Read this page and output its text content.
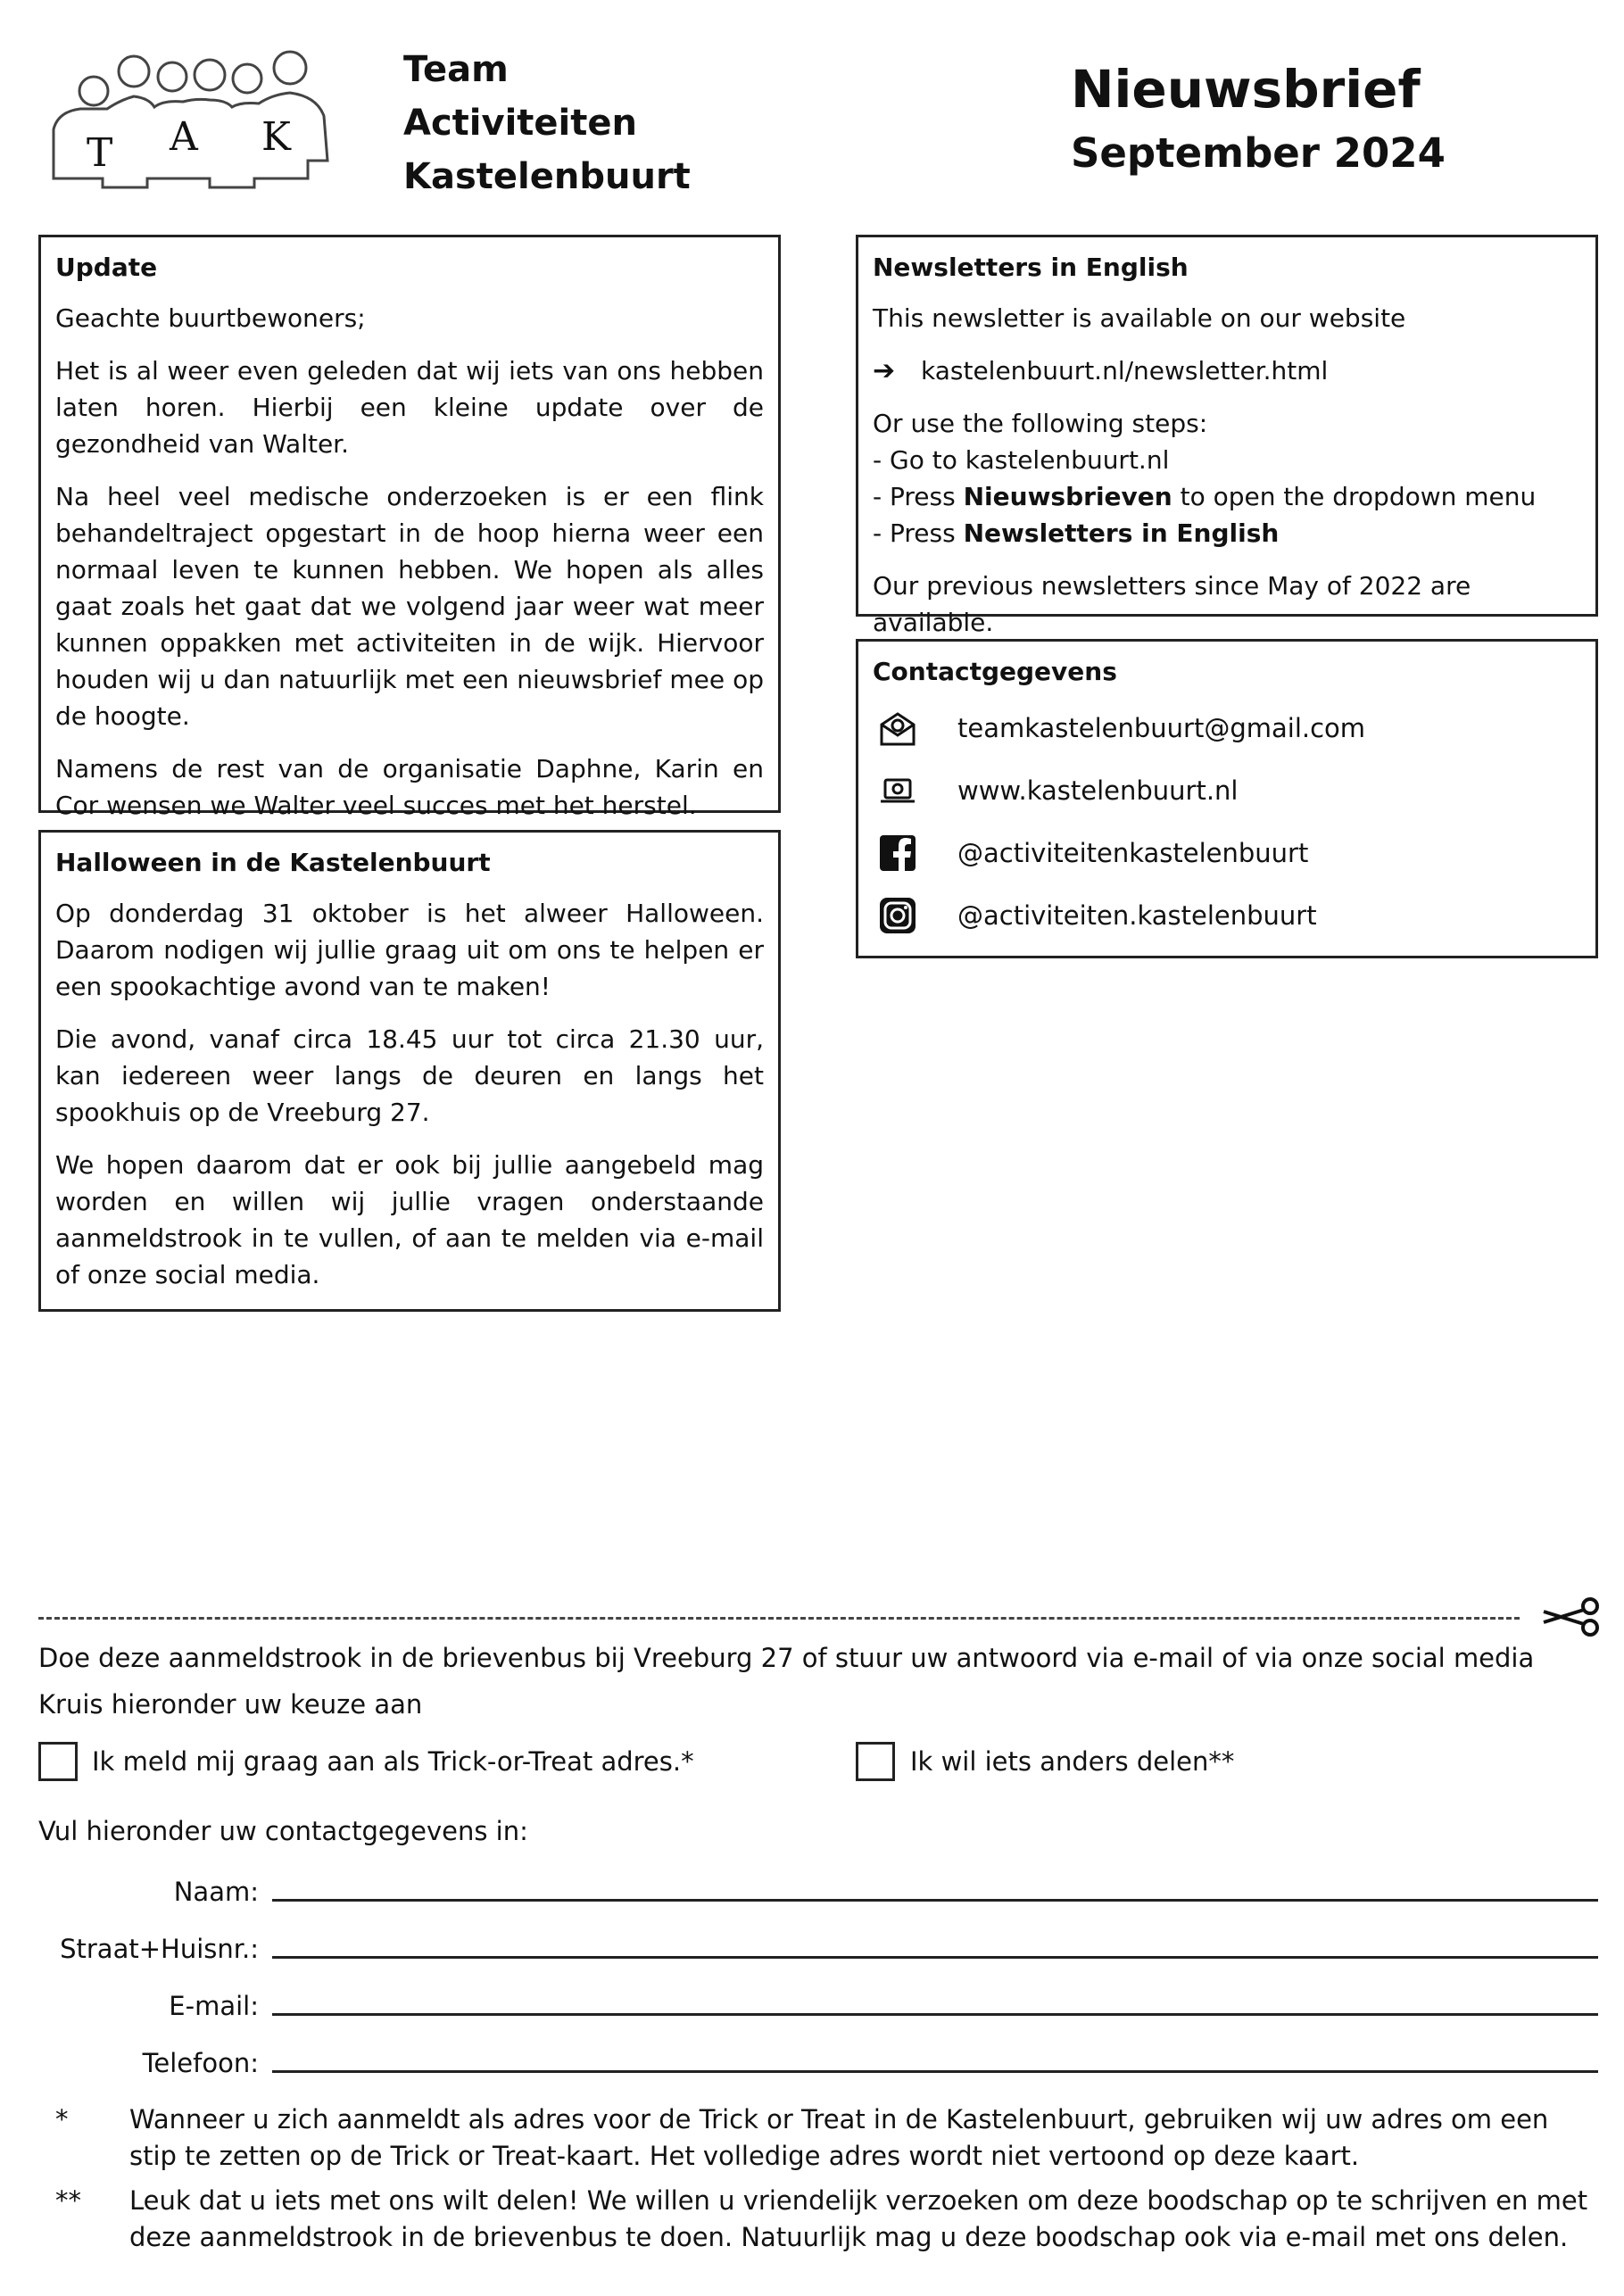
T A K
Team
Activiteiten
Kastelenbuurt
Nieuwsbrief
September 2024
Update

Geachte buurtbewoners;

Het is al weer even geleden dat wij iets van ons hebben laten horen. Hierbij een kleine update over de gezondheid van Walter.

Na heel veel medische onderzoeken is er een flink behandeltraject opgestart in de hoop hierna weer een normaal leven te kunnen hebben. We hopen als alles gaat zoals het gaat dat we volgend jaar weer wat meer kunnen oppakken met activiteiten in de wijk. Hiervoor houden wij u dan natuurlijk met een nieuwsbrief mee op de hoogte.

Namens de rest van de organisatie Daphne, Karin en Cor wensen we Walter veel succes met het herstel.

Halloween in de Kastelenbuurt

Op donderdag 31 oktober is het alweer Halloween. Daarom nodigen wij jullie graag uit om ons te helpen er een spookachtige avond van te maken!

Die avond, vanaf circa 18.45 uur tot circa 21.30 uur, kan iedereen weer langs de deuren en langs het spookhuis op de Vreeburg 27.

We hopen daarom dat er ook bij jullie aangebeld mag worden en willen wij jullie vragen onderstaande aanmeldstrook in te vullen, of aan te melden via e-mail of onze social media.

Newsletters in English

This newsletter is available on our website

➔ kastelenbuurt.nl/newsletter.html
Or use the following steps:
- Go to kastelenbuurt.nl
- Press Nieuwsbrieven to open the dropdown menu
- Press Newsletters in English
Our previous newsletters since May of 2022 are available.
Contactgegevens
teamkastelenbuurt@gmail.com
www.kastelenbuurt.nl
@activiteitenkastelenbuurt
@activiteiten.kastelenbuurt
Doe deze aanmeldstrook in de brievenbus bij Vreeburg 27 of stuur uw antwoord via e-mail of via onze social media
Kruis hieronder uw keuze aan
Ik meld mij graag aan als Trick-or-Treat adres.*	Ik wil iets anders delen**
Vul hieronder uw contactgegevens in:
Naam:
Straat+Huisnr.:
E-mail:
Telefoon:
* Wanneer u zich aanmeldt als adres voor de Trick or Treat in de Kastelenbuurt, gebruiken wij uw adres om een stip te zetten op de Trick or Treat-kaart. Het volledige adres wordt niet vertoond op deze kaart.
** Leuk dat u iets met ons wilt delen! We willen u vriendelijk verzoeken om deze boodschap op te schrijven en met deze aanmeldstrook in de brievenbus te doen. Natuurlijk mag u deze boodschap ook via e-mail met ons delen.
